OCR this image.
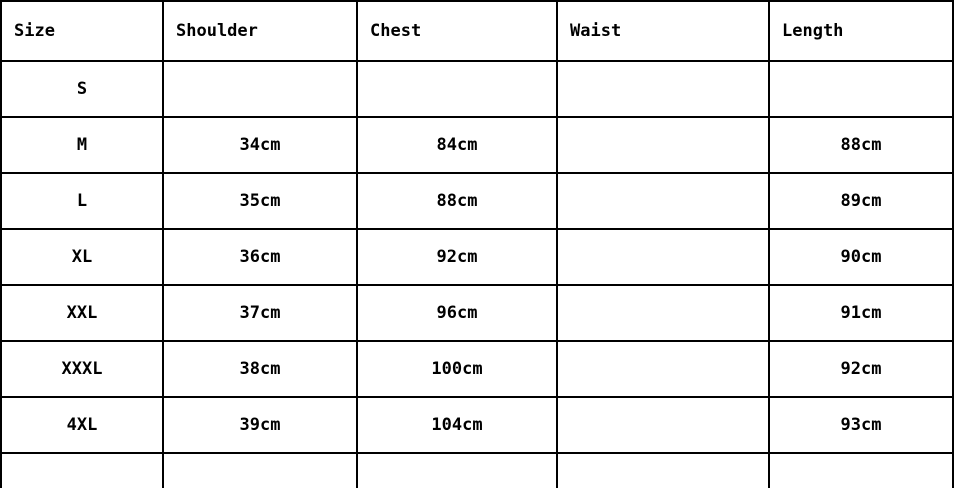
Size	Shoulder	Chest	Waist	Length
S				
M	34cm	84cm		88cm
L	35cm	88cm		89cm
XL	36cm	92cm		90cm
XXL	37cm	96cm		91cm
XXXL	38cm	100cm		92cm
4XL	39cm	104cm		93cm
